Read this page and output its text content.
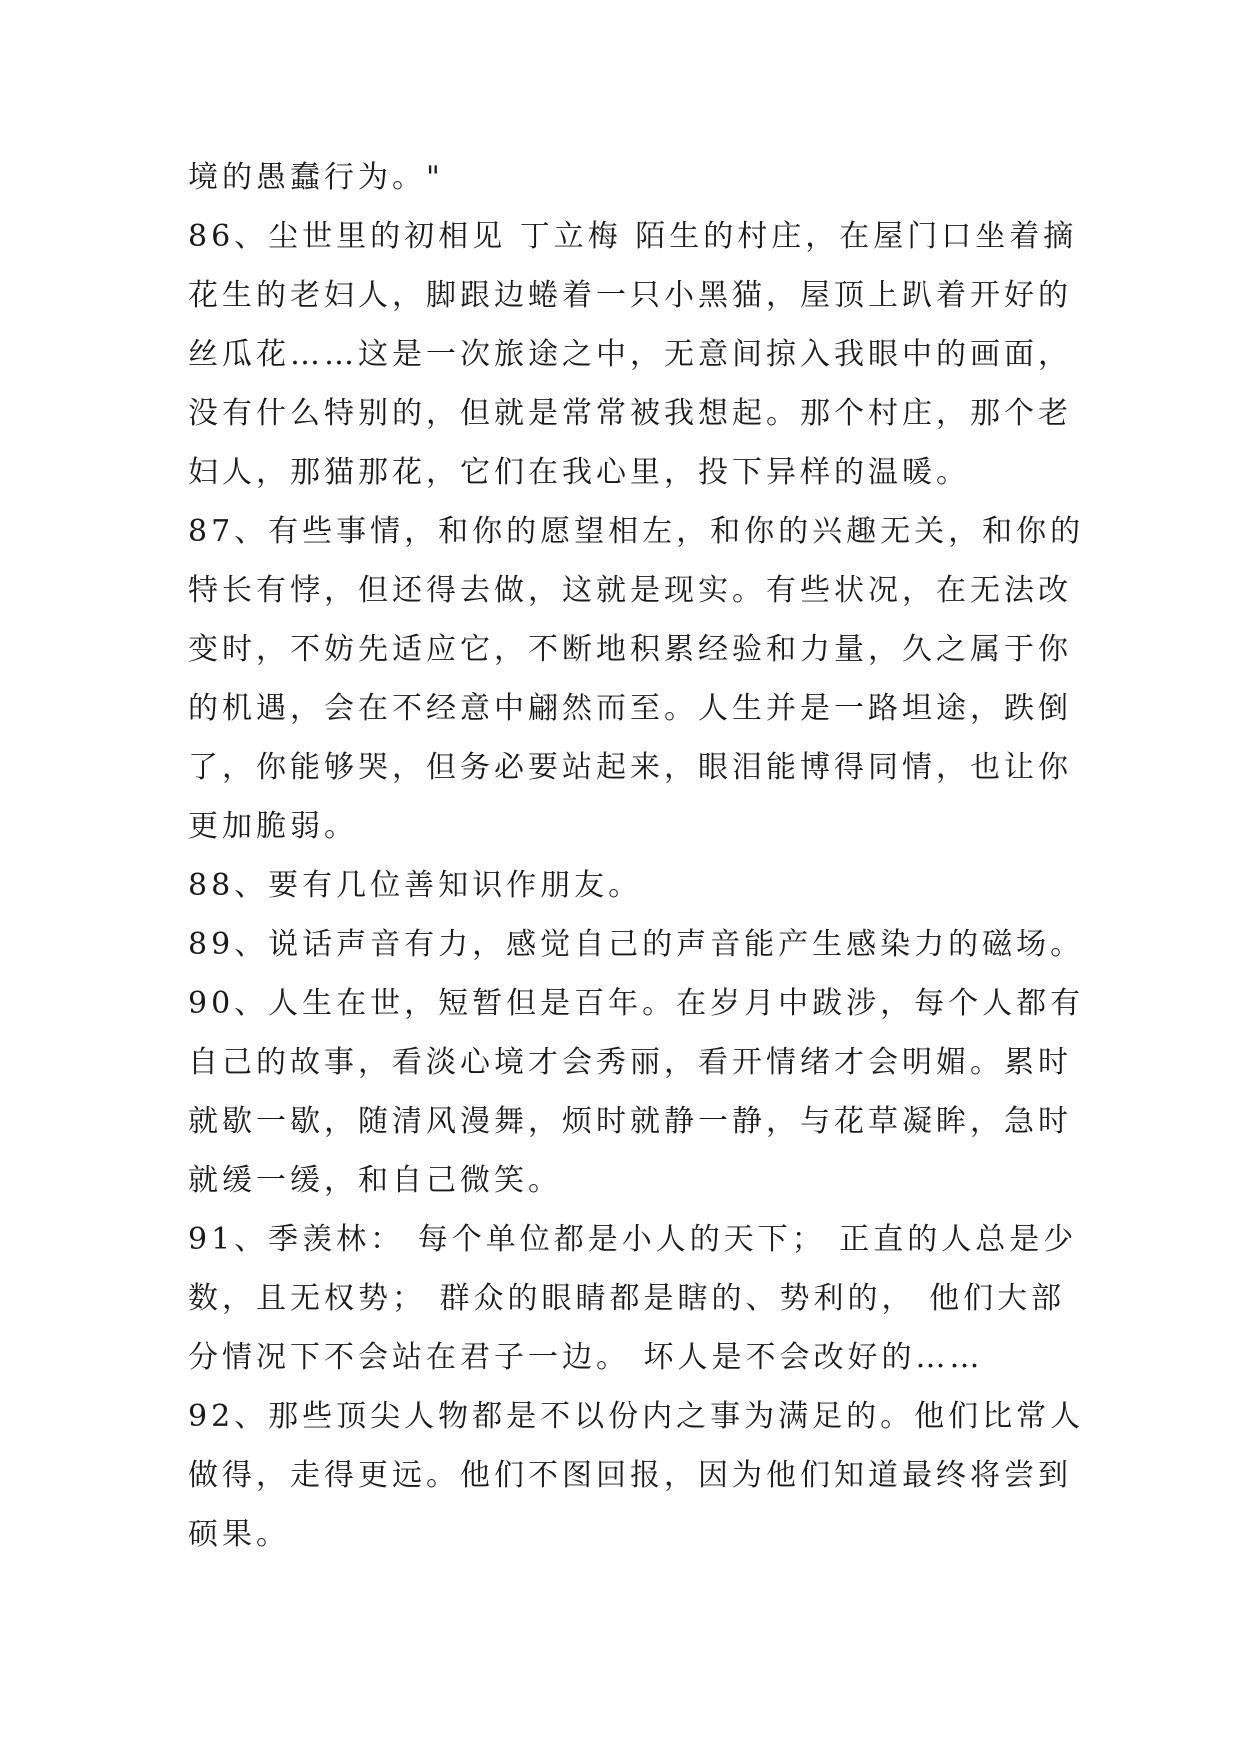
境的愚蠢行为。"
86、尘世里的初相见 丁立梅 陌生的村庄，在屋门口坐着摘
花生的老妇人，脚跟边蜷着一只小黑猫，屋顶上趴着开好的
丝瓜花……这是一次旅途之中，无意间掠入我眼中的画面，
没有什么特别的，但就是常常被我想起。那个村庄，那个老
妇人，那猫那花，它们在我心里，投下异样的温暖。
87、有些事情，和你的愿望相左，和你的兴趣无关，和你的
特长有悖，但还得去做，这就是现实。有些状况，在无法改
变时，不妨先适应它，不断地积累经验和力量，久之属于你
的机遇，会在不经意中翩然而至。人生并是一路坦途，跌倒
了，你能够哭，但务必要站起来，眼泪能博得同情，也让你
更加脆弱。
88、要有几位善知识作朋友。
89、说话声音有力，感觉自己的声音能产生感染力的磁场。
90、人生在世，短暂但是百年。在岁月中跋涉，每个人都有
自己的故事，看淡心境才会秀丽，看开情绪才会明媚。累时
就歇一歇，随清风漫舞，烦时就静一静，与花草凝眸，急时
就缓一缓，和自己微笑。
91、季羡林： 每个单位都是小人的天下； 正直的人总是少
数，且无权势； 群众的眼睛都是瞎的、势利的， 他们大部
分情况下不会站在君子一边。 坏人是不会改好的……
92、那些顶尖人物都是不以份内之事为满足的。他们比常人
做得，走得更远。他们不图回报，因为他们知道最终将尝到
硕果。
